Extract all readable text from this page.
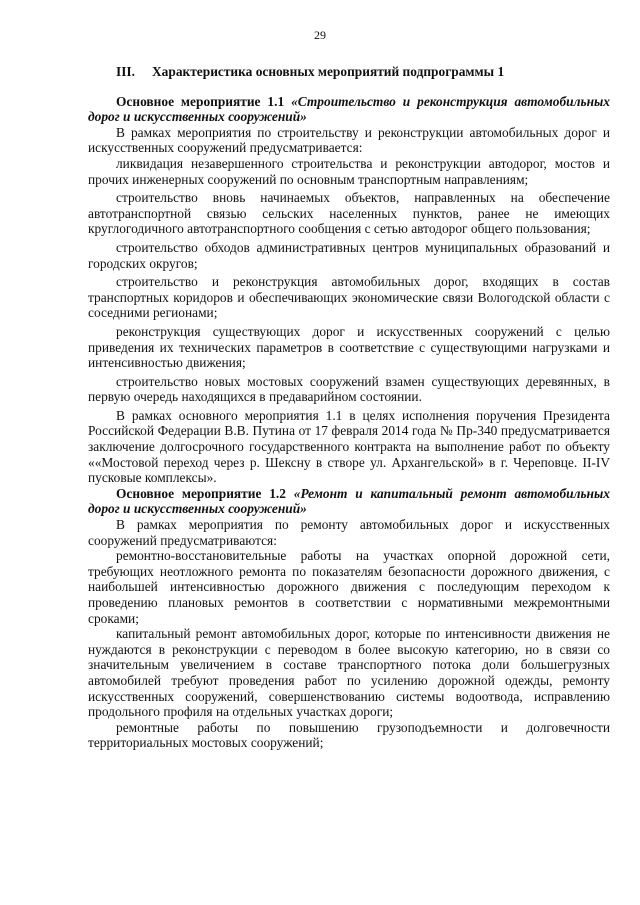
29
III. Характеристика основных мероприятий подпрограммы 1

Основное мероприятие 1.1 «Строительство и реконструкция автомобильных дорог и искусственных сооружений»

В рамках мероприятия по строительству и реконструкции автомобильных дорог и искусственных сооружений предусматривается:

ликвидация незавершенного строительства и реконструкции автодорог, мостов и прочих инженерных сооружений по основным транспортным направлениям;

строительство вновь начинаемых объектов, направленных на обеспечение автотранспортной связью сельских населенных пунктов, ранее не имеющих круглогодичного автотранспортного сообщения с сетью автодорог общего пользования;

строительство обходов административных центров муниципальных образований и городских округов;

строительство и реконструкция автомобильных дорог, входящих в состав транспортных коридоров и обеспечивающих экономические связи Вологодской области с соседними регионами;

реконструкция существующих дорог и искусственных сооружений с целью приведения их технических параметров в соответствие с существующими нагрузками и интенсивностью движения;

строительство новых мостовых сооружений взамен существующих деревянных, в первую очередь находящихся в предаварийном состоянии.

В рамках основного мероприятия 1.1 в целях исполнения поручения Президента Российской Федерации В.В. Путина от 17 февраля 2014 года № Пр-340 предусматривается заключение долгосрочного государственного контракта на выполнение работ по объекту ««Мостовой переход через р. Шексну в створе ул. Архангельской» в г. Череповце. II-IV пусковые комплексы».

Основное мероприятие 1.2 «Ремонт и капитальный ремонт автомобильных дорог и искусственных сооружений»

В рамках мероприятия по ремонту автомобильных дорог и искусственных сооружений предусматриваются:

ремонтно-восстановительные работы на участках опорной дорожной сети, требующих неотложного ремонта по показателям безопасности дорожного движения, с наибольшей интенсивностью дорожного движения с последующим переходом к проведению плановых ремонтов в соответствии с нормативными межремонтными сроками;

капитальный ремонт автомобильных дорог, которые по интенсивности движения не нуждаются в реконструкции с переводом в более высокую категорию, но в связи со значительным увеличением в составе транспортного потока доли большегрузных автомобилей требуют проведения работ по усилению дорожной одежды, ремонту искусственных сооружений, совершенствованию системы водоотвода, исправлению продольного профиля на отдельных участках дороги;

ремонтные работы по повышению грузоподъемности и долговечности территориальных мостовых сооружений;
